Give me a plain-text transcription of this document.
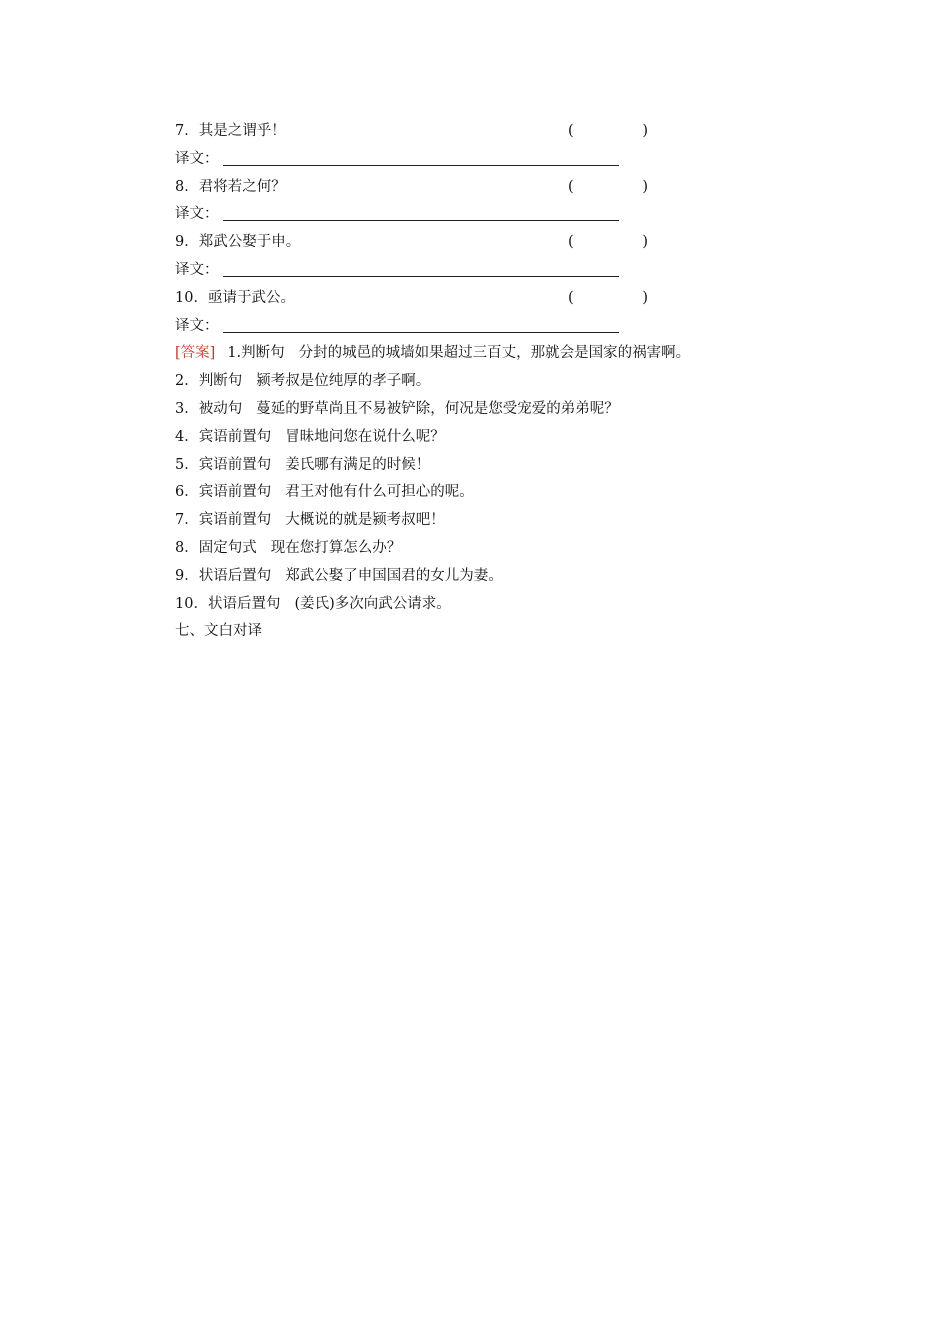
7．其是之谓乎！	(	)
译文：
8．君将若之何？	(	)
译文：
9．郑武公娶于申。	(	)
译文：
10．亟请于武公。	(	)
译文：
[答案] 1.判断句 分封的城邑的城墙如果超过三百丈，那就会是国家的祸害啊。
2．判断句 颍考叔是位纯厚的孝子啊。
3．被动句 蔓延的野草尚且不易被铲除，何况是您受宠爱的弟弟呢？
4．宾语前置句 冒昧地问您在说什么呢？
5．宾语前置句 姜氏哪有满足的时候！
6．宾语前置句 君王对他有什么可担心的呢。
7．宾语前置句 大概说的就是颍考叔吧！
8．固定句式 现在您打算怎么办？
9．状语后置句 郑武公娶了申国国君的女儿为妻。
10．状语后置句 (姜氏)多次向武公请求。
七、文白对译
